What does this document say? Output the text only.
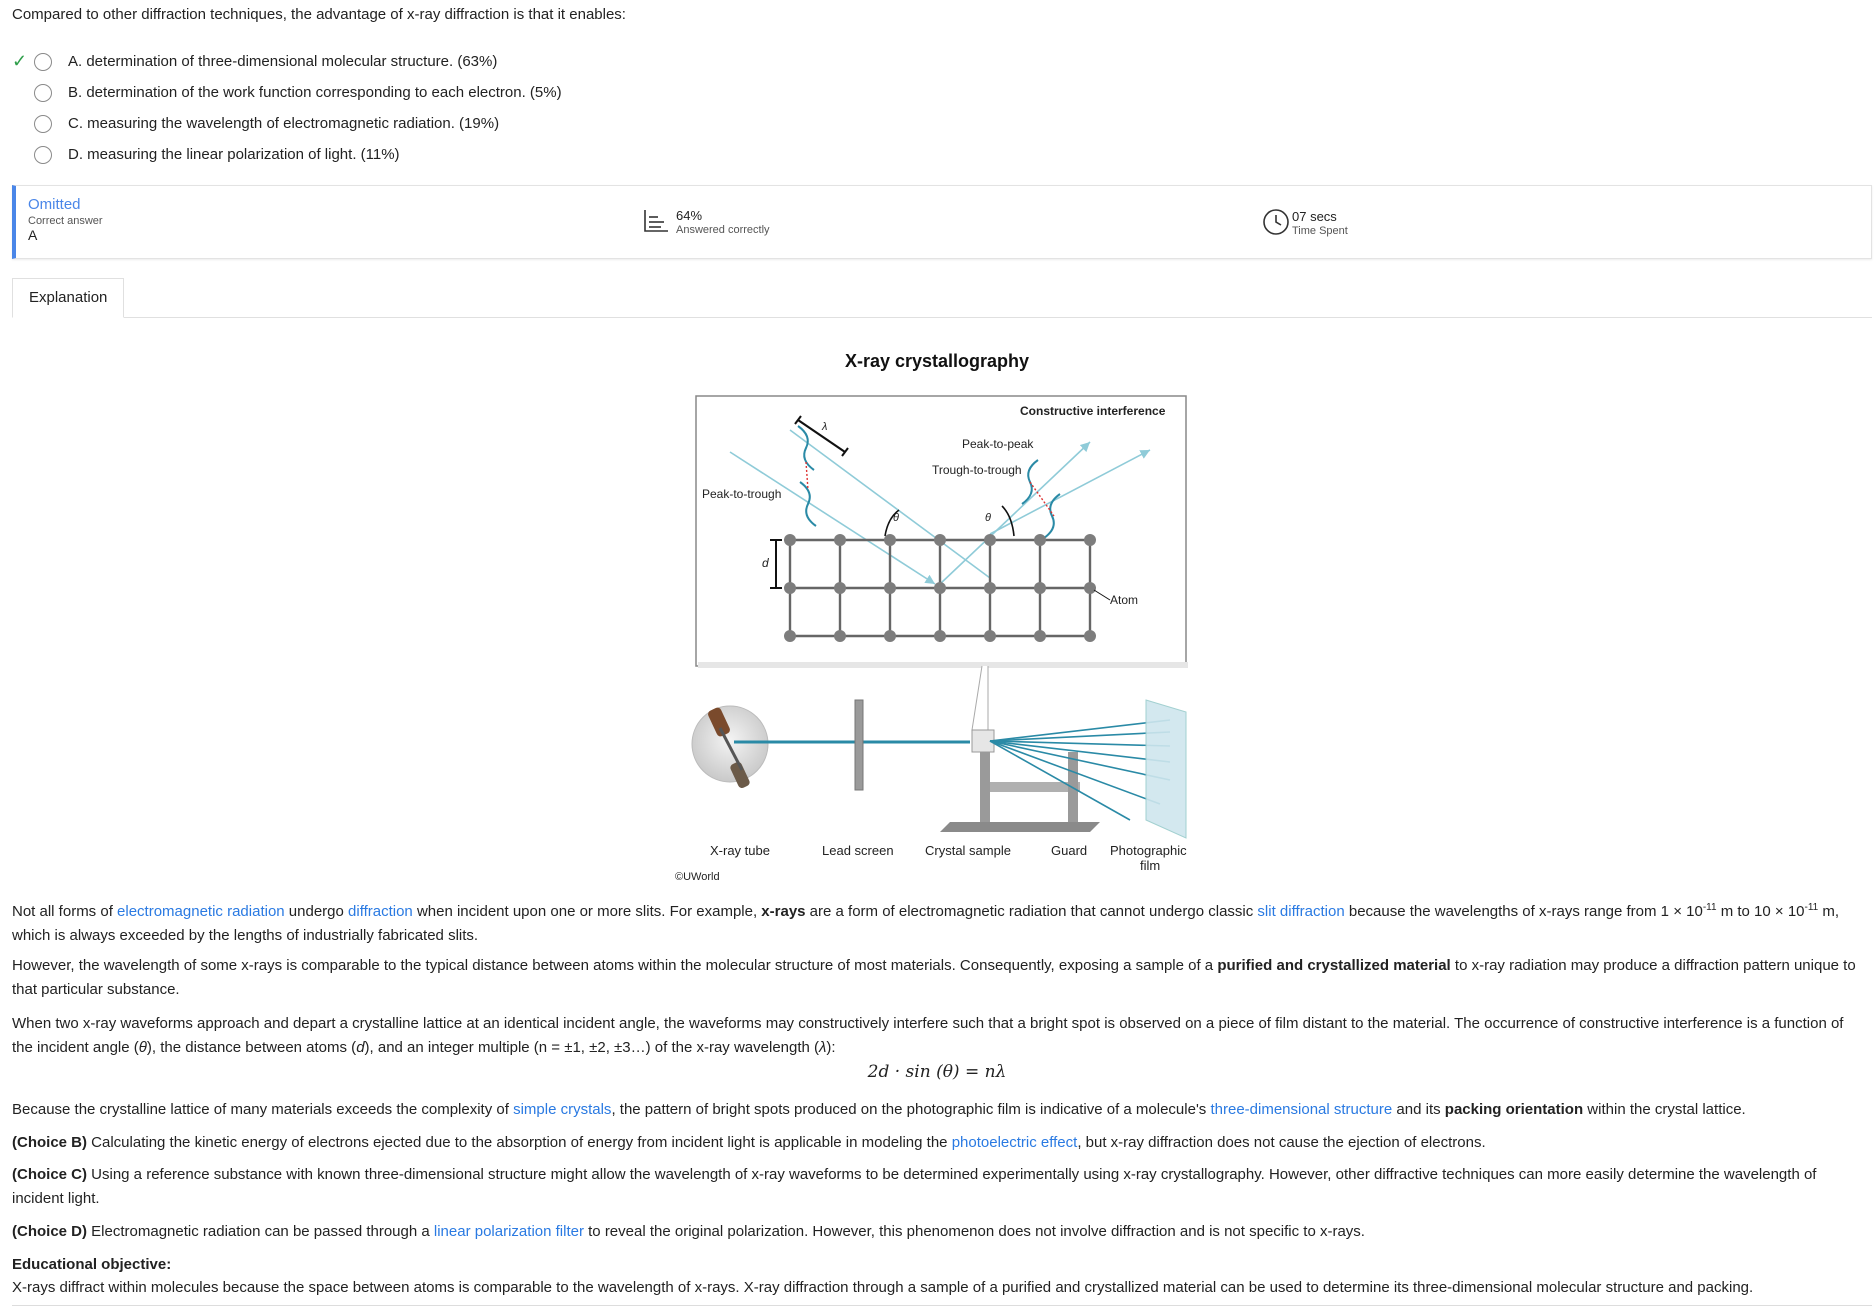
Compared to other diffraction techniques, the advantage of x-ray diffraction is that it enables:
✓	A. determination of three-dimensional molecular structure. (63%)
B. determination of the work function corresponding to each electron. (5%)
C. measuring the wavelength of electromagnetic radiation. (19%)
D. measuring the linear polarization of light. (11%)
Omitted
Correct answer
A
64%
Answered correctly
07 secs
Time Spent
Explanation
X-ray crystallography
Constructive interference
Peak-to-peak
Trough-to-trough
Peak-to-trough
λ
θ	θ
d
Atom
X-ray tube	Lead screen Crystal sample	Guard Photographic
film
©UWorld
Not all forms of electromagnetic radiation undergo diffraction when incident upon one or more slits. For example, x-rays are a form of electromagnetic radiation that cannot undergo classic slit diffraction because the wavelengths of x-rays range from $1 \times 10^{-11}$ m to $10 \times 10^{-11}$ m, which is always exceeded by the lengths of industrially fabricated slits.
However, the wavelength of some x-rays is comparable to the typical distance between atoms within the molecular structure of most materials. Consequently, exposing a sample of a purified and crystallized material to x-ray radiation may produce a diffraction pattern unique to that particular substance.
When two x-ray waveforms approach and depart a crystalline lattice at an identical incident angle, the waveforms may constructively interfere such that a bright spot is observed on a piece of film distant to the material. The occurrence of constructive interference is a function of the incident angle (θ), the distance between atoms (d), and an integer multiple (n = ±1, ±2, ±3…) of the x-ray wavelength (λ):
2d · sin (θ) = nλ
Because the crystalline lattice of many materials exceeds the complexity of simple crystals, the pattern of bright spots produced on the photographic film is indicative of a molecule's three-dimensional structure and its packing orientation within the crystal lattice.
(Choice B) Calculating the kinetic energy of electrons ejected due to the absorption of energy from incident light is applicable in modeling the photoelectric effect, but x-ray diffraction does not cause the ejection of electrons.
(Choice C) Using a reference substance with known three-dimensional structure might allow the wavelength of x-ray waveforms to be determined experimentally using x-ray crystallography. However, other diffractive techniques can more easily determine the wavelength of incident light.
(Choice D) Electromagnetic radiation can be passed through a linear polarization filter to reveal the original polarization. However, this phenomenon does not involve diffraction and is not specific to x-rays.
Educational objective:
X-rays diffract within molecules because the space between atoms is comparable to the wavelength of x-rays. X-ray diffraction through a sample of a purified and crystallized material can be used to determine its three-dimensional molecular structure and packing.
